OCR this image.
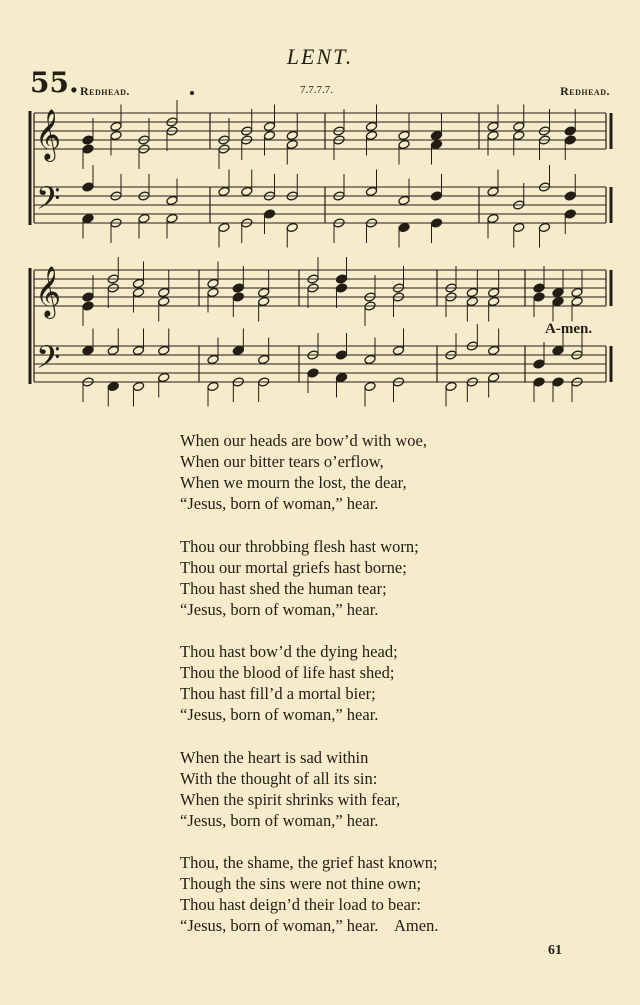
LENT.
55. Redhead.	7.7.7.7.	Redhead.
𝄞
𝄢
𝄞
𝄢
A-men.
When our heads are bow’d with woe,
When our bitter tears o’erflow,
When we mourn the lost, the dear,
“Jesus, born of woman,” hear.
Thou our throbbing flesh hast worn;
Thou our mortal griefs hast borne;
Thou hast shed the human tear;
“Jesus, born of woman,” hear.
Thou hast bow’d the dying head;
Thou the blood of life hast shed;
Thou hast fill’d a mortal bier;
“Jesus, born of woman,” hear.
When the heart is sad within
With the thought of all its sin:
When the spirit shrinks with fear,
“Jesus, born of woman,” hear.
Thou, the shame, the grief hast known;
Though the sins were not thine own;
Thou hast deign’d their load to bear:
“Jesus, born of woman,” hear.    Amen.
61
